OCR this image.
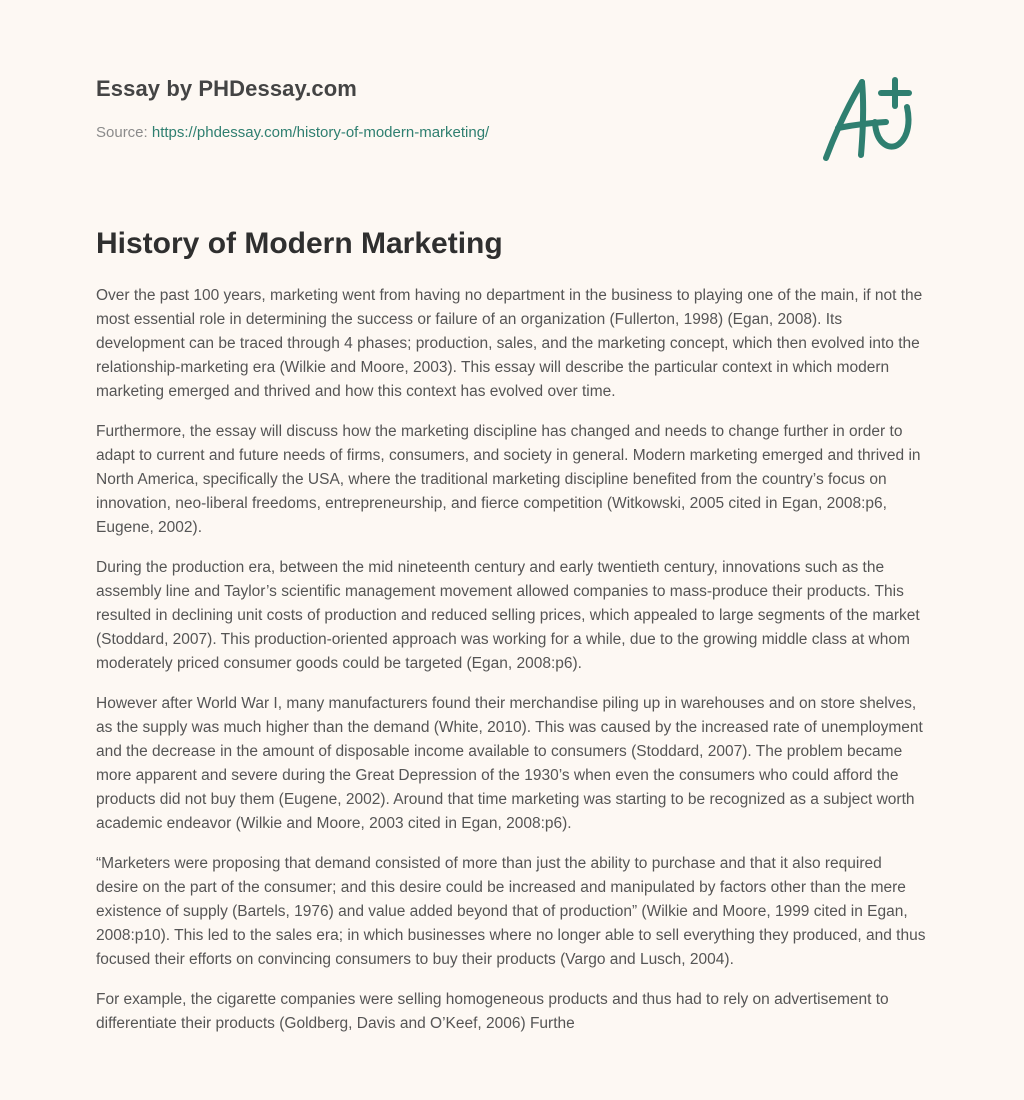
Essay by PHDessay.com
Source: https://phdessay.com/history-of-modern-marketing/
History of Modern Marketing

Over the past 100 years, marketing went from having no department in the business to playing one of the main, if not the most essential role in determining the success or failure of an organization (Fullerton, 1998) (Egan, 2008). Its development can be traced through 4 phases; production, sales, and the marketing concept, which then evolved into the relationship-marketing era (Wilkie and Moore, 2003). This essay will describe the particular context in which modern marketing emerged and thrived and how this context has evolved over time.

Furthermore, the essay will discuss how the marketing discipline has changed and needs to change further in order to adapt to current and future needs of firms, consumers, and society in general. Modern marketing emerged and thrived in North America, specifically the USA, where the traditional marketing discipline benefited from the country’s focus on innovation, neo-liberal freedoms, entrepreneurship, and fierce competition (Witkowski, 2005 cited in Egan, 2008:p6, Eugene, 2002).

During the production era, between the mid nineteenth century and early twentieth century, innovations such as the assembly line and Taylor’s scientific management movement allowed companies to mass-produce their products. This resulted in declining unit costs of production and reduced selling prices, which appealed to large segments of the market (Stoddard, 2007). This production-oriented approach was working for a while, due to the growing middle class at whom moderately priced consumer goods could be targeted (Egan, 2008:p6).

However after World War I, many manufacturers found their merchandise piling up in warehouses and on store shelves, as the supply was much higher than the demand (White, 2010). This was caused by the increased rate of unemployment and the decrease in the amount of disposable income available to consumers (Stoddard, 2007). The problem became more apparent and severe during the Great Depression of the 1930’s when even the consumers who could afford the products did not buy them (Eugene, 2002). Around that time marketing was starting to be recognized as a subject worth academic endeavor (Wilkie and Moore, 2003 cited in Egan, 2008:p6).

“Marketers were proposing that demand consisted of more than just the ability to purchase and that it also required desire on the part of the consumer; and this desire could be increased and manipulated by factors other than the mere existence of supply (Bartels, 1976) and value added beyond that of production” (Wilkie and Moore, 1999 cited in Egan, 2008:p10). This led to the sales era; in which businesses where no longer able to sell everything they produced, and thus focused their efforts on convincing consumers to buy their products (Vargo and Lusch, 2004).

For example, the cigarette companies were selling homogeneous products and thus had to rely on advertisement to differentiate their products (Goldberg, Davis and O’Keef, 2006) Furthe
